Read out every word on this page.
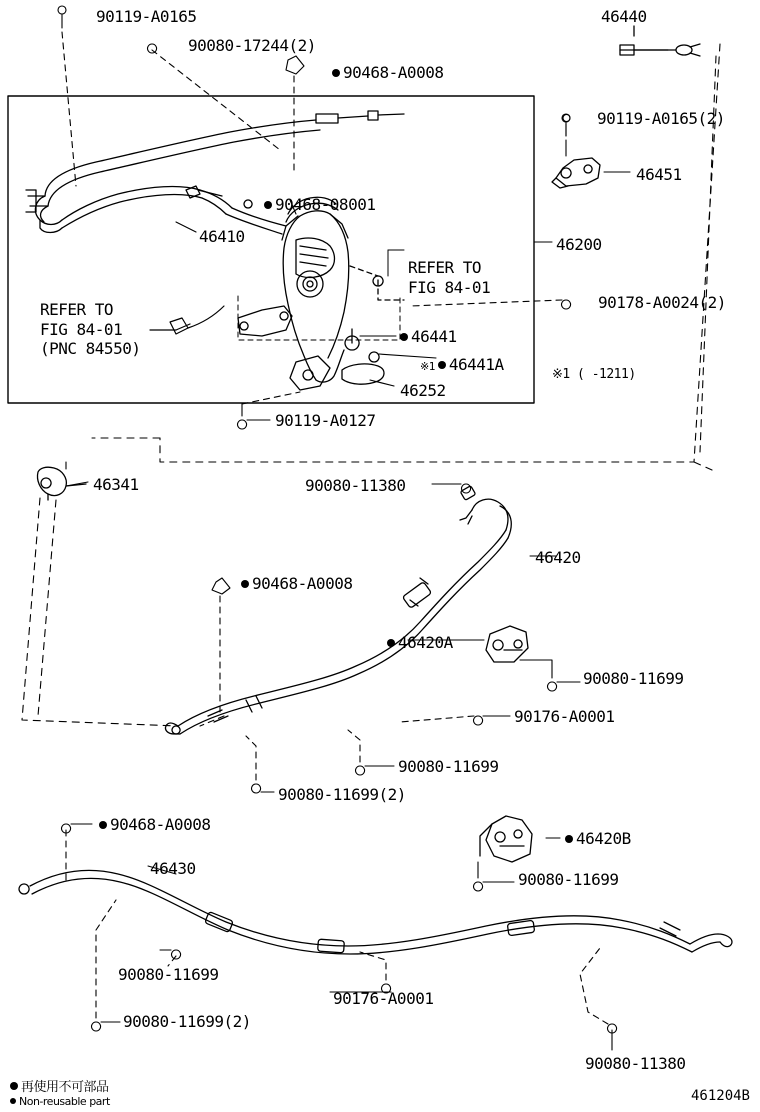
90119-A0165
90080-17244(2)
90468-A0008
46440
90119-A0165(2)
46451
90468-08001
46410	46200
90178-A0024(2)
46441
※1 46441A
46252
90119-A0127
46341	90080-11380
46420
90468-A0008
46420A
90080-11699
90176-A0001
90080-11699
90080-11699(2)
90468-A0008
46420B
90080-11699
46430
90080-11699
90176-A0001
90080-11699(2)
90080-11380
REFER TO
FIG 84-01
REFER TO
FIG 84-01
(PNC 84550)
※1 ( -1211)
再使用不可部品
Non-reusable part	461204B
